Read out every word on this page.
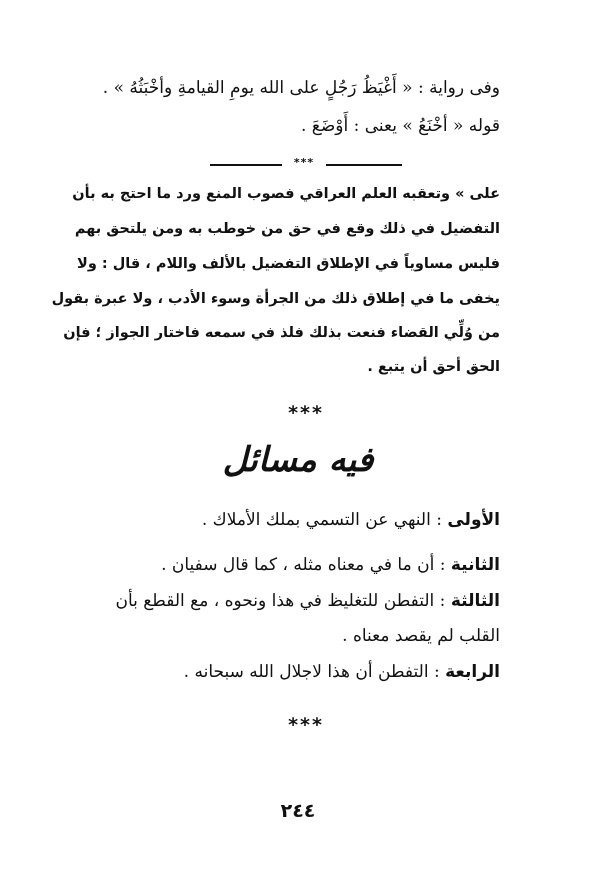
وفى رواية : « أَغْيَظُ رَجُلٍ على الله يومِ القيامةِ وأخْبَثُهُ » .
قوله « أخْنَعُ » يعنى : أَوْضَعَ .
***
على » وتعقبه العلم العراقي فصوب المنع ورد ما احتج به بأن
التفضيل في ذلك وقع في حق من خوطب به ومن يلتحق بهم
فليس مساوياً في الإطلاق التفضيل بالألف واللام ، قال : ولا
يخفى ما في إطلاق ذلك من الجرأة وسوء الأدب ، ولا عبرة بقول
من وُلِّي القضاء فنعت بذلك فلذ في سمعه فاختار الجواز ؛ فإن
الحق أحق أن يتبع .
***
فيه مسائل
الأولى : النهي عن التسمي بملك الأملاك .
الثانية : أن ما في معناه مثله ، كما قال سفيان .
الثالثة : التفطن للتغليظ في هذا ونحوه ، مع القطع بأن
القلب لم يقصد معناه .
الرابعة : التفطن أن هذا لاجلال الله سبحانه .
***
٢٤٤
